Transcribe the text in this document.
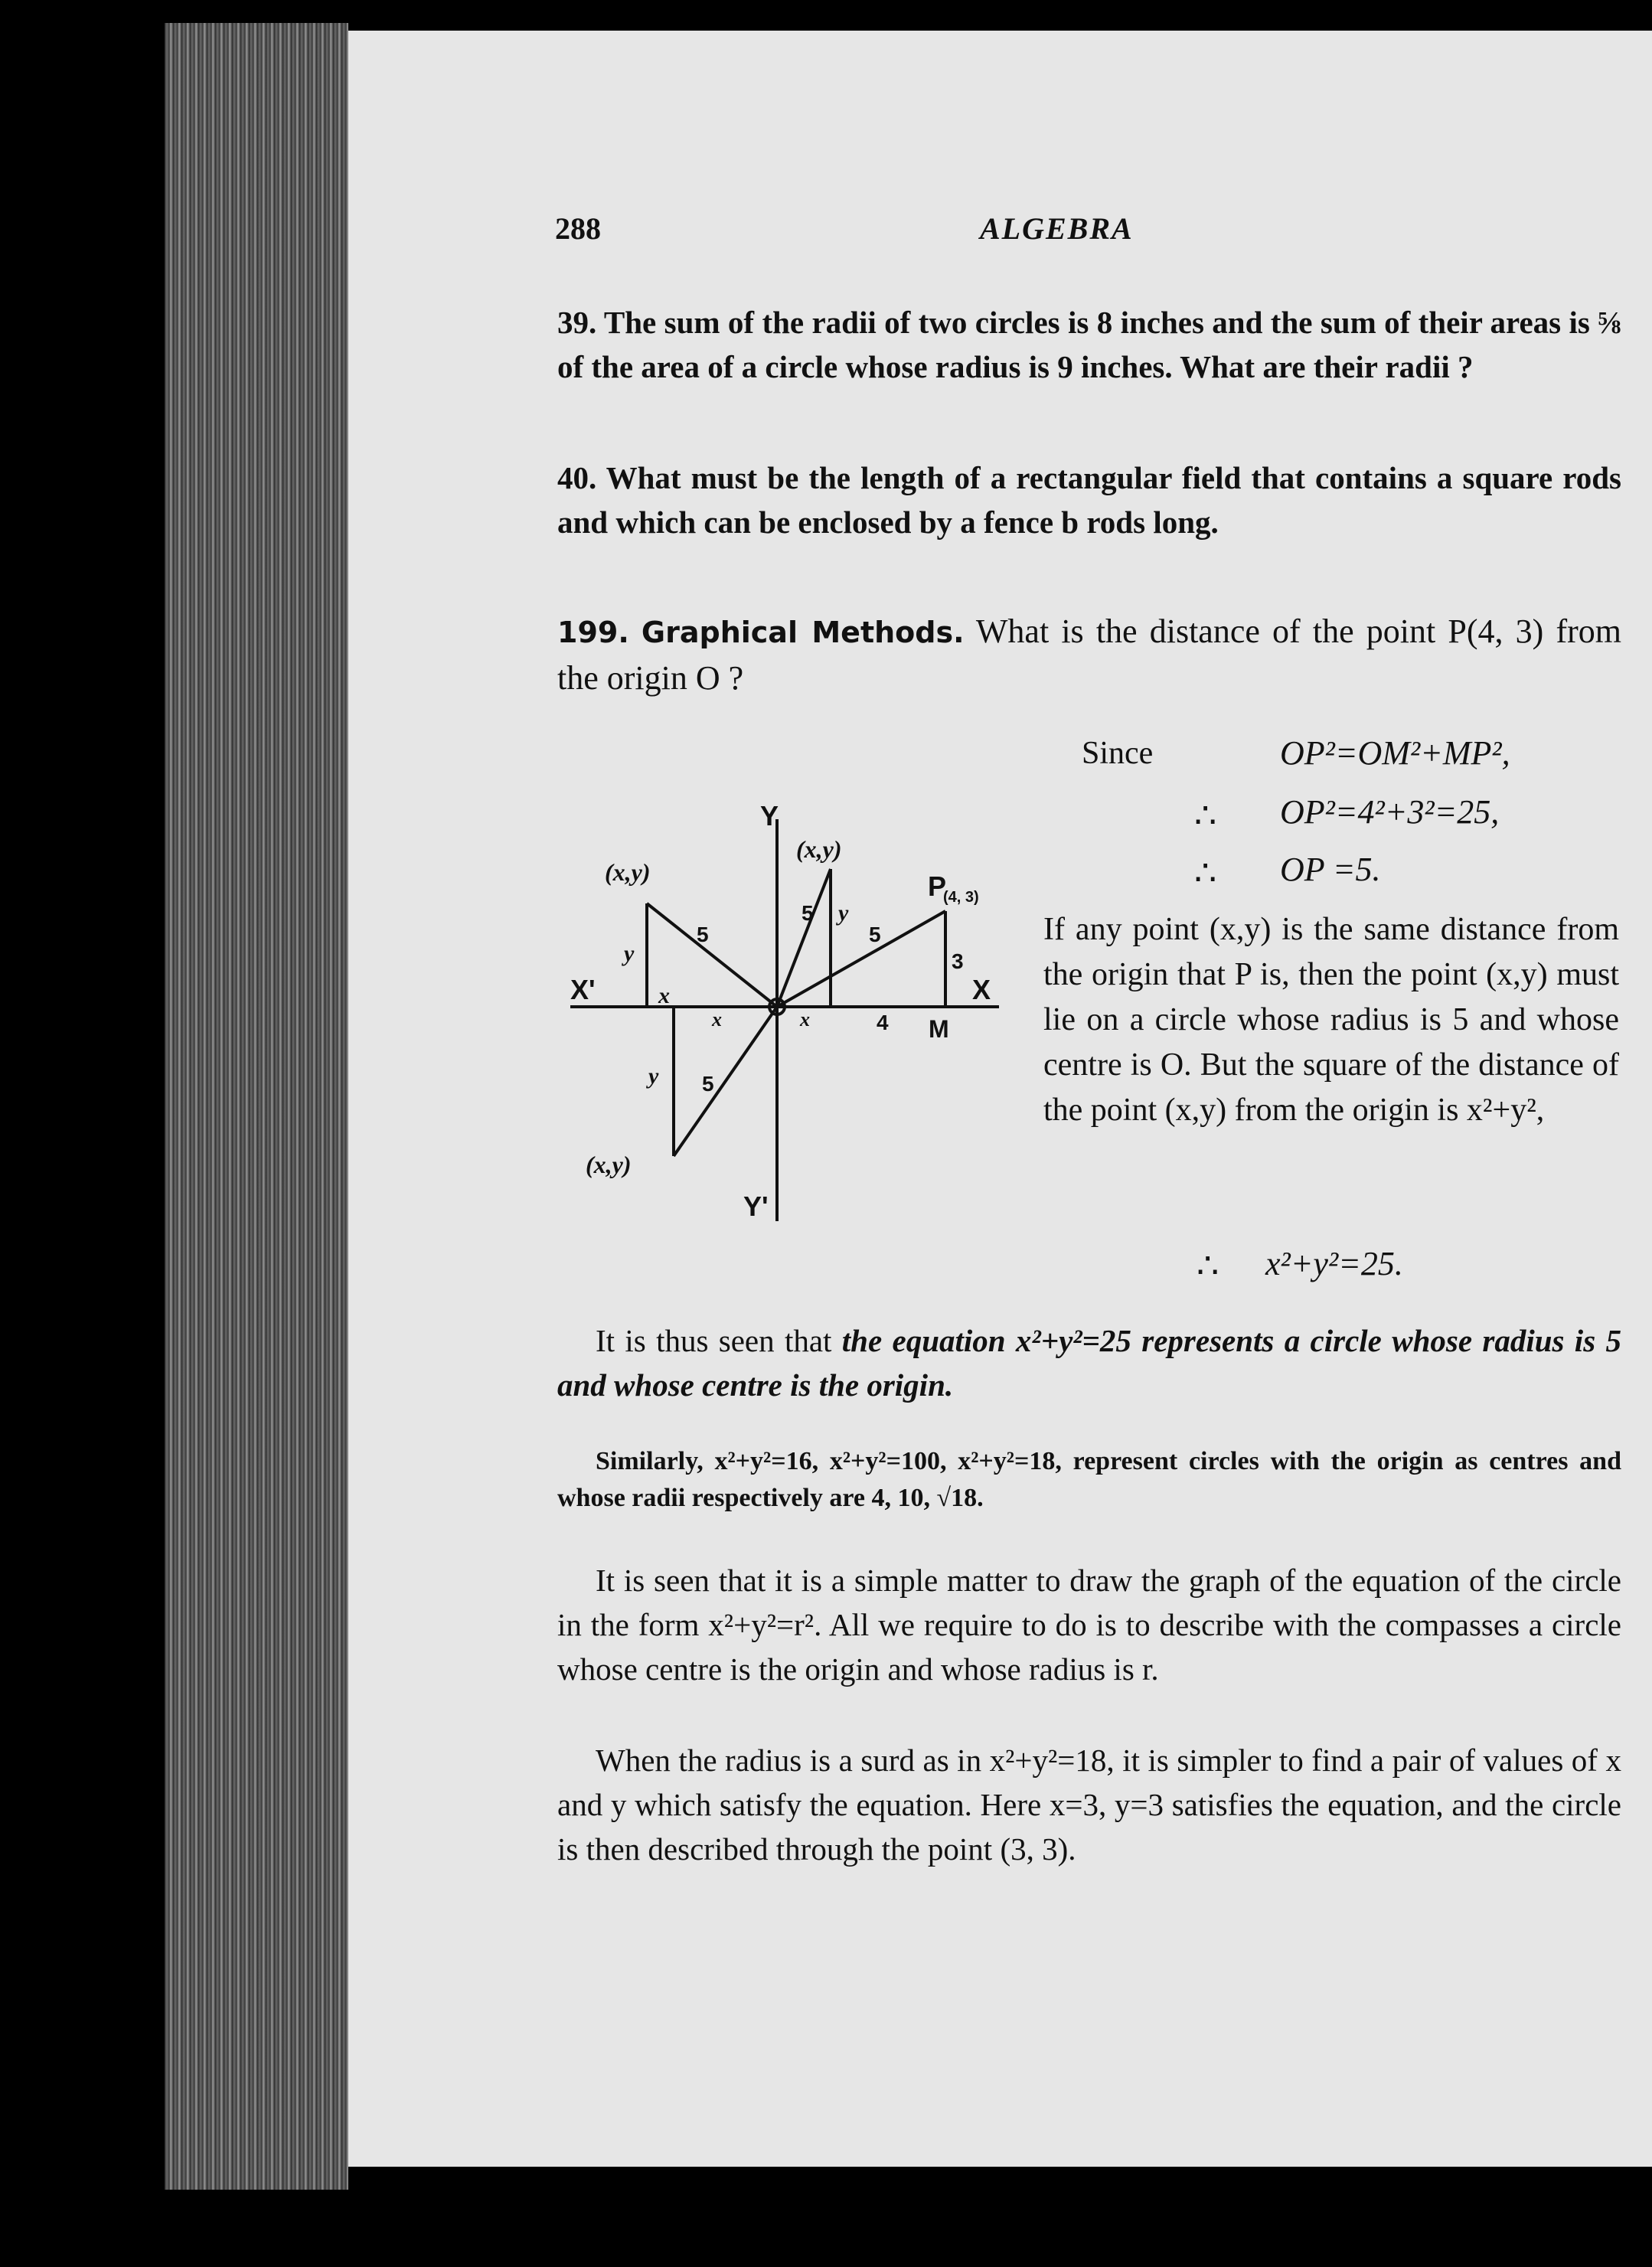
288	ALGEBRA

39. The sum of the radii of two circles is 8 inches and the sum of their areas is ⅝ of the area of a circle whose radius is 9 inches. What are their radii ?

40. What must be the length of a rectangular field that contains a square rods and which can be enclosed by a fence b rods long.

199. Graphical Methods. What is the distance of the point P(4, 3) from the origin O ?

Y
Y'
X'	X
P
(4, 3)
M
4
3
5
5
5
5
(x,y)
(x,y)
(x,y)
y
y
y
x
x	x
Since	OP²=OM²+MP²,
∴ OP²=4²+3²=25,
∴ OP =5.

If any point (x,y) is the same distance from the origin that P is, then the point (x,y) must lie on a circle whose radius is 5 and whose centre is O. But the square of the distance of the point (x,y) from the origin is x²+y²,

∴ x²+y²=25.

It is thus seen that the equation x²+y²=25 represents a circle whose radius is 5 and whose centre is the origin.

Similarly, x²+y²=16, x²+y²=100, x²+y²=18, represent circles with the origin as centres and whose radii respectively are 4, 10, √18.

It is seen that it is a simple matter to draw the graph of the equation of the circle in the form x²+y²=r². All we require to do is to describe with the compasses a circle whose centre is the origin and whose radius is r.

When the radius is a surd as in x²+y²=18, it is simpler to find a pair of values of x and y which satisfy the equation. Here x=3, y=3 satisfies the equation, and the circle is then described through the point (3, 3).
